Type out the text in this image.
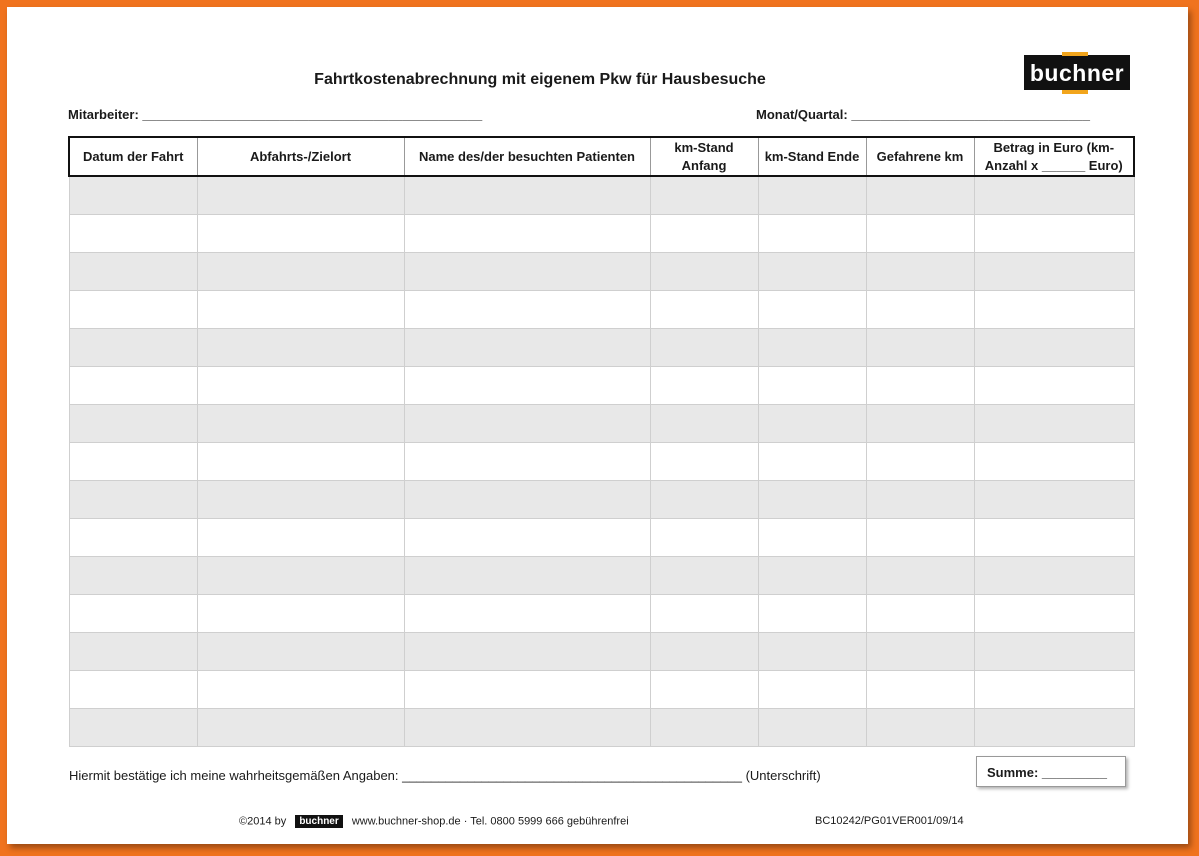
Fahrtkostenabrechnung mit eigenem Pkw für Hausbesuche	buchner
Mitarbeiter: _______________________________________________	Monat/Quartal: _________________________________
Datum der Fahrt	Abfahrts-/Zielort	Name des/der besuchten Patienten	km-Stand Anfang	km-Stand Ende	Gefahrene km	Betrag in Euro (km-Anzahl x ______ Euro)

Hiermit bestätige ich meine wahrheitsgemäßen Angaben: _______________________________________________ (Unterschrift)	Summe: _________
©2014 by buchner www.buchner-shop.de · Tel. 0800 5999 666 gebührenfrei	BC10242/PG01VER001/09/14
